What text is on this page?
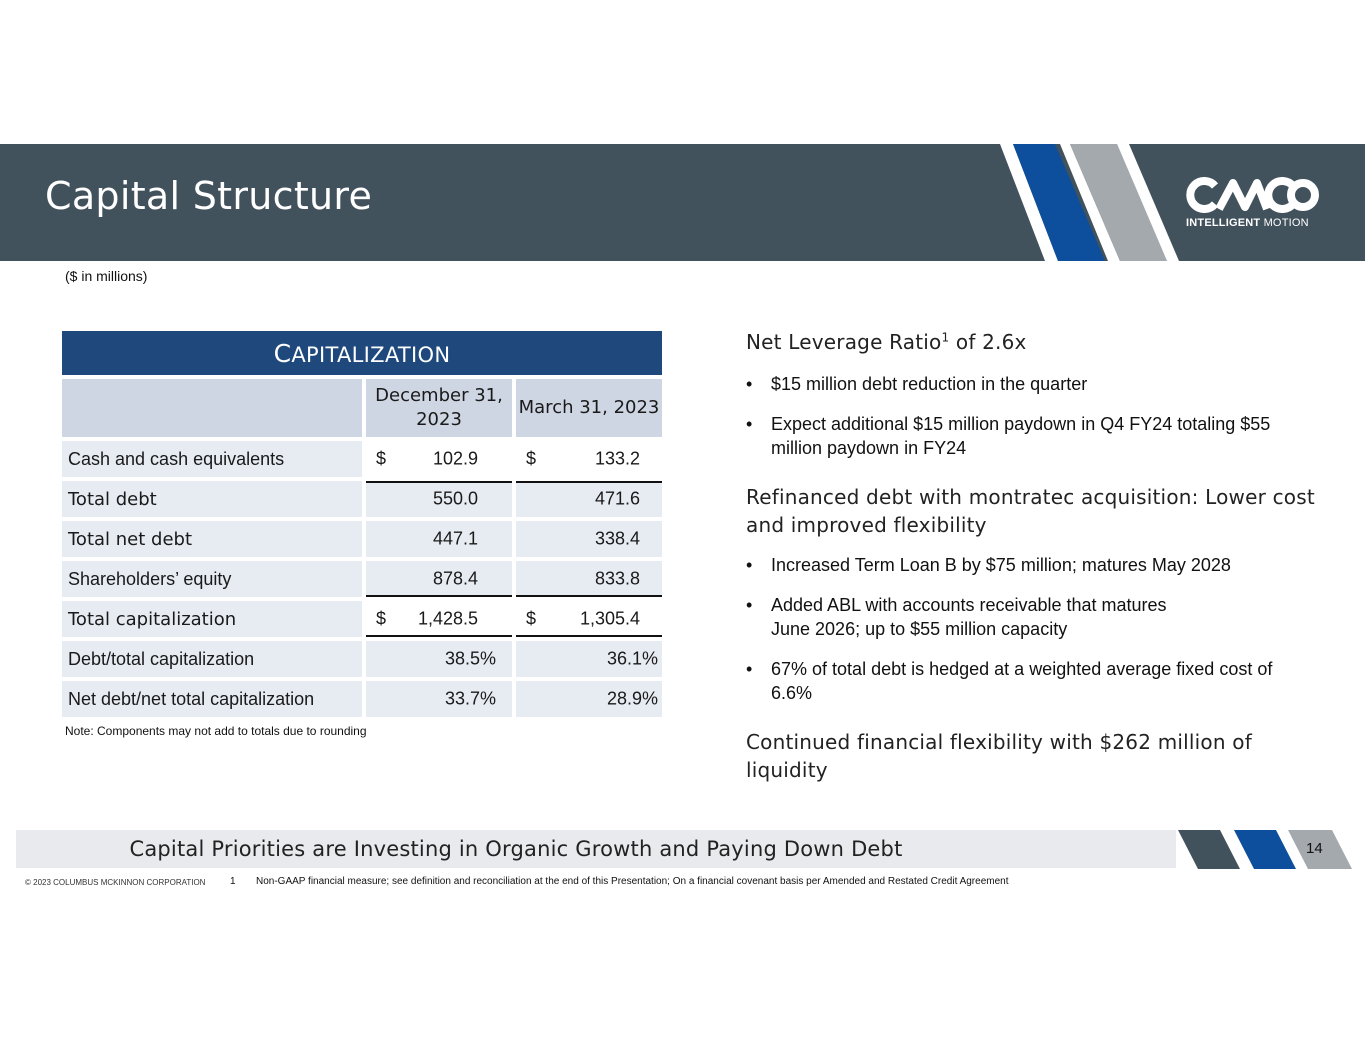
Capital Structure
INTELLIGENT MOTION
($ in millions)
CAPITALIZATION		
	December 31, 2023	March 31, 2023
Cash and cash equivalents	$ 102.9	$ 133.2

Total debt	550.0	471.6

Total net debt	447.1	338.4

Shareholders’ equity	878.4	833.8

Total capitalization	$ 1,428.5	$ 1,305.4

Debt/total capitalization	38.5%	36.1%

Net debt/net total capitalization	33.7%	28.9%
Note: Components may not add to totals due to rounding
Net Leverage Ratio$^1$ of 2.6x
• $15 million debt reduction in the quarter
• Expect additional $15 million paydown in Q4 FY24 totaling $55 million paydown in FY24
Refinanced debt with montratec acquisition: Lower cost and improved flexibility
• Increased Term Loan B by $75 million; matures May 2028
• Added ABL with accounts receivable that matures
June 2026; up to $55 million capacity
• 67% of total debt is hedged at a weighted average fixed cost of 6.6%
Continued financial flexibility with $262 million of liquidity
Capital Priorities are Investing in Organic Growth and Paying Down Debt	14
© 2023 COLUMBUS MCKINNON CORPORATION 1 Non-GAAP financial measure; see definition and reconciliation at the end of this Presentation; On a financial covenant basis per Amended and Restated Credit Agreement
